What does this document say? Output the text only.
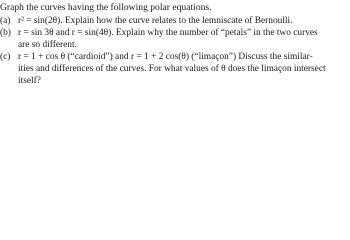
Graph the curves having the following polar equations.
(a) r² = sin(2θ). Explain how the curve relates to the lemniscate of Bernoulli.
(b) r = sin 3θ and r = sin(4θ). Explain why the number of “petals” in the two curves
are so different.
(c) r = 1 + cos θ (“cardioid”) and r = 1 + 2 cos(θ) (“limaçon”) Discuss the similar-
ities and differences of the curves. For what values of θ does the limaçon intersect
itself?
